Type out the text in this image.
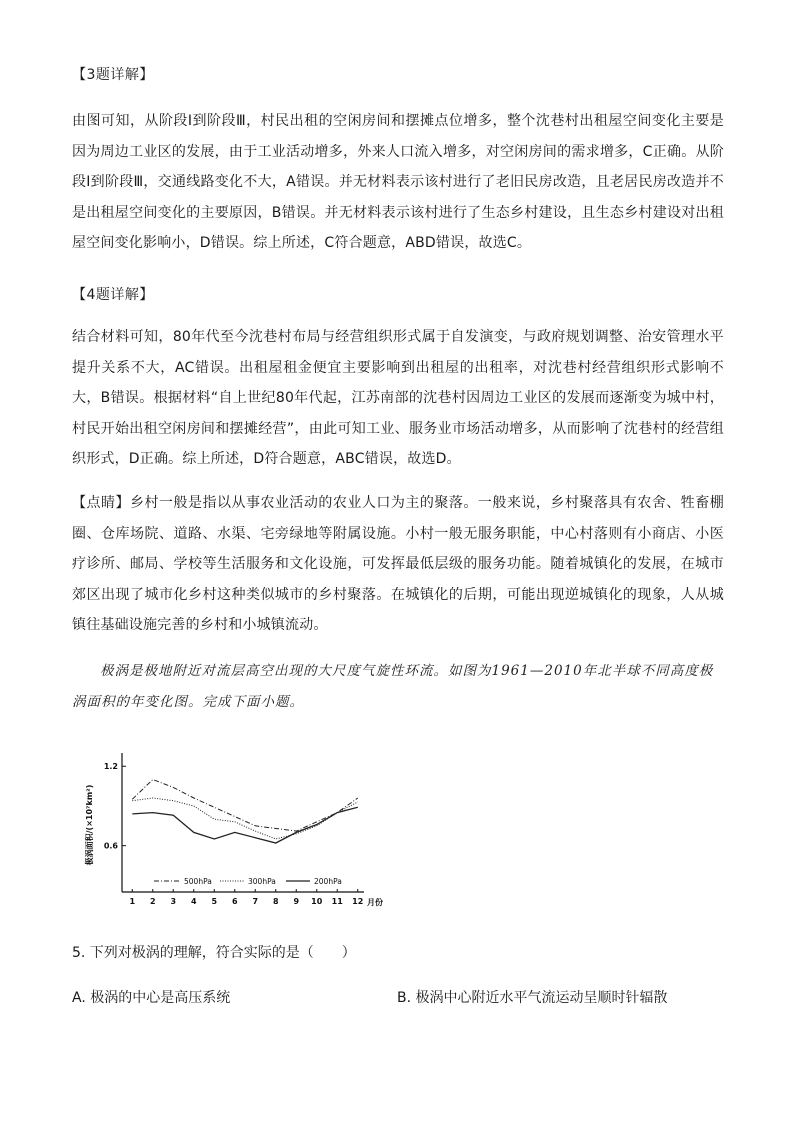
【3题详解】

由图可知，从阶段Ⅰ到阶段Ⅲ，村民出租的空闲房间和摆摊点位增多，整个沈巷村出租屋空间变化主要是因为周边工业区的发展，由于工业活动增多，外来人口流入增多，对空闲房间的需求增多，C正确。从阶段Ⅰ到阶段Ⅲ，交通线路变化不大，A错误。并无材料表示该村进行了老旧民房改造，且老居民房改造并不是出租屋空间变化的主要原因，B错误。并无材料表示该村进行了生态乡村建设，且生态乡村建设对出租屋空间变化影响小，D错误。综上所述，C符合题意，ABD错误，故选C。

【4题详解】

结合材料可知，80年代至今沈巷村布局与经营组织形式属于自发演变，与政府规划调整、治安管理水平提升关系不大，AC错误。出租屋租金便宜主要影响到出租屋的出租率，对沈巷村经营组织形式影响不大，B错误。根据材料“自上世纪80年代起，江苏南部的沈巷村因周边工业区的发展而逐渐变为城中村，村民开始出租空闲房间和摆摊经营”，由此可知工业、服务业市场活动增多，从而影响了沈巷村的经营组织形式，D正确。综上所述，D符合题意，ABC错误，故选D。

【点睛】乡村一般是指以从事农业活动的农业人口为主的聚落。一般来说，乡村聚落具有农舍、牲畜棚圈、仓库场院、道路、水渠、宅旁绿地等附属设施。小村一般无服务职能，中心村落则有小商店、小医疗诊所、邮局、学校等生活服务和文化设施，可发挥最低层级的服务功能。随着城镇化的发展，在城市郊区出现了城市化乡村这种类似城市的乡村聚落。在城镇化的后期，可能出现逆城镇化的现象，人从城镇往基础设施完善的乡村和小城镇流动。

极涡是极地附近对流层高空出现的大尺度气旋性环流。如图为1961—2010年北半球不同高度极涡面积的年变化图。完成下面小题。

0.6
1.2
1 2 3 4 5 6 7 8 9 10 11 12
极涡面积/(×10⁷km²)
月份
500hPa	300hPa	200hPa
5. 下列对极涡的理解，符合实际的是（　　）
A. 极涡的中心是高压系统	B. 极涡中心附近水平气流运动呈顺时针辐散
